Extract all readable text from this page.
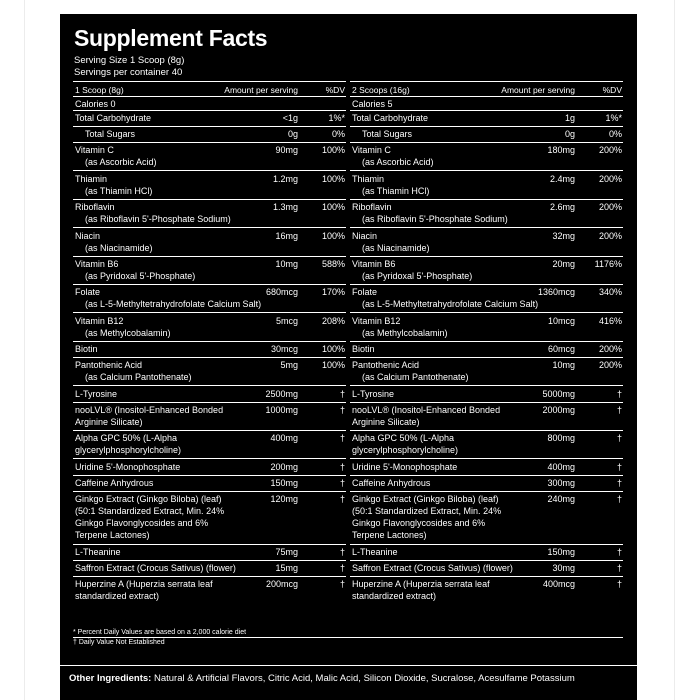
Supplement Facts
Serving Size 1 Scoop (8g)
Servings per container 40
1 Scoop (8g)	Amount per serving	%DV
Calories 0
Total Carbohydrate	<1g	1%*
Total Sugars	0g	0%
Vitamin C
(as Ascorbic Acid)
90mg	100%
Thiamin
(as Thiamin HCl)
1.2mg	100%
Riboflavin
(as Riboflavin 5'-Phosphate Sodium)
1.3mg	100%
Niacin
(as Niacinamide)
16mg	100%
Vitamin B6
(as Pyridoxal 5'-Phosphate)
10mg	588%
Folate
(as L-5-Methyltetrahydrofolate Calcium Salt)
680mcg	170%
Vitamin B12
(as Methylcobalamin)
5mcg	208%
Biotin	30mcg	100%
Pantothenic Acid
(as Calcium Pantothenate)
5mg	100%
L-Tyrosine	2500mg	†
nooLVL® (Inositol-Enhanced Bonded Arginine Silicate)
1000mg	†
Alpha GPC 50% (L-Alpha glycerylphosphorylcholine)
400mg	†
Uridine 5'-Monophosphate	200mg	†
Caffeine Anhydrous	150mg	†
Ginkgo Extract (Ginkgo Biloba) (leaf) (50:1 Standardized Extract, Min. 24% Ginkgo Flavonglycosides and 6% Terpene Lactones)
120mg	†
L-Theanine	75mg	†
Saffron Extract (Crocus Sativus) (flower)	15mg	†
Huperzine A (Huperzia serrata leaf standardized extract)
200mcg	†
2 Scoops (16g)	Amount per serving	%DV
Calories 5
Total Carbohydrate	1g	1%*
Total Sugars	0g	0%
Vitamin C
(as Ascorbic Acid)
180mg	200%
Thiamin
(as Thiamin HCl)
2.4mg	200%
Riboflavin
(as Riboflavin 5'-Phosphate Sodium)
2.6mg	200%
Niacin
(as Niacinamide)
32mg	200%
Vitamin B6
(as Pyridoxal 5'-Phosphate)
20mg 1176%
Folate
(as L-5-Methyltetrahydrofolate Calcium Salt)
1360mcg	340%
Vitamin B12
(as Methylcobalamin)
10mcg	416%
Biotin	60mcg	200%
Pantothenic Acid
(as Calcium Pantothenate)
10mg	200%
L-Tyrosine	5000mg	†
nooLVL® (Inositol-Enhanced Bonded Arginine Silicate)
2000mg	†
Alpha GPC 50% (L-Alpha glycerylphosphorylcholine)
800mg	†
Uridine 5'-Monophosphate	400mg	†
Caffeine Anhydrous	300mg	†
Ginkgo Extract (Ginkgo Biloba) (leaf) (50:1 Standardized Extract, Min. 24% Ginkgo Flavonglycosides and 6% Terpene Lactones)
240mg	†
L-Theanine	150mg	†
Saffron Extract (Crocus Sativus) (flower)	30mg	†
Huperzine A (Huperzia serrata leaf standardized extract)
400mcg	†
* Percent Daily Values are based on a 2,000 calorie diet
† Daily Value Not Established
Other Ingredients: Natural & Artificial Flavors, Citric Acid, Malic Acid, Silicon Dioxide, Sucralose, Acesulfame Potassium
